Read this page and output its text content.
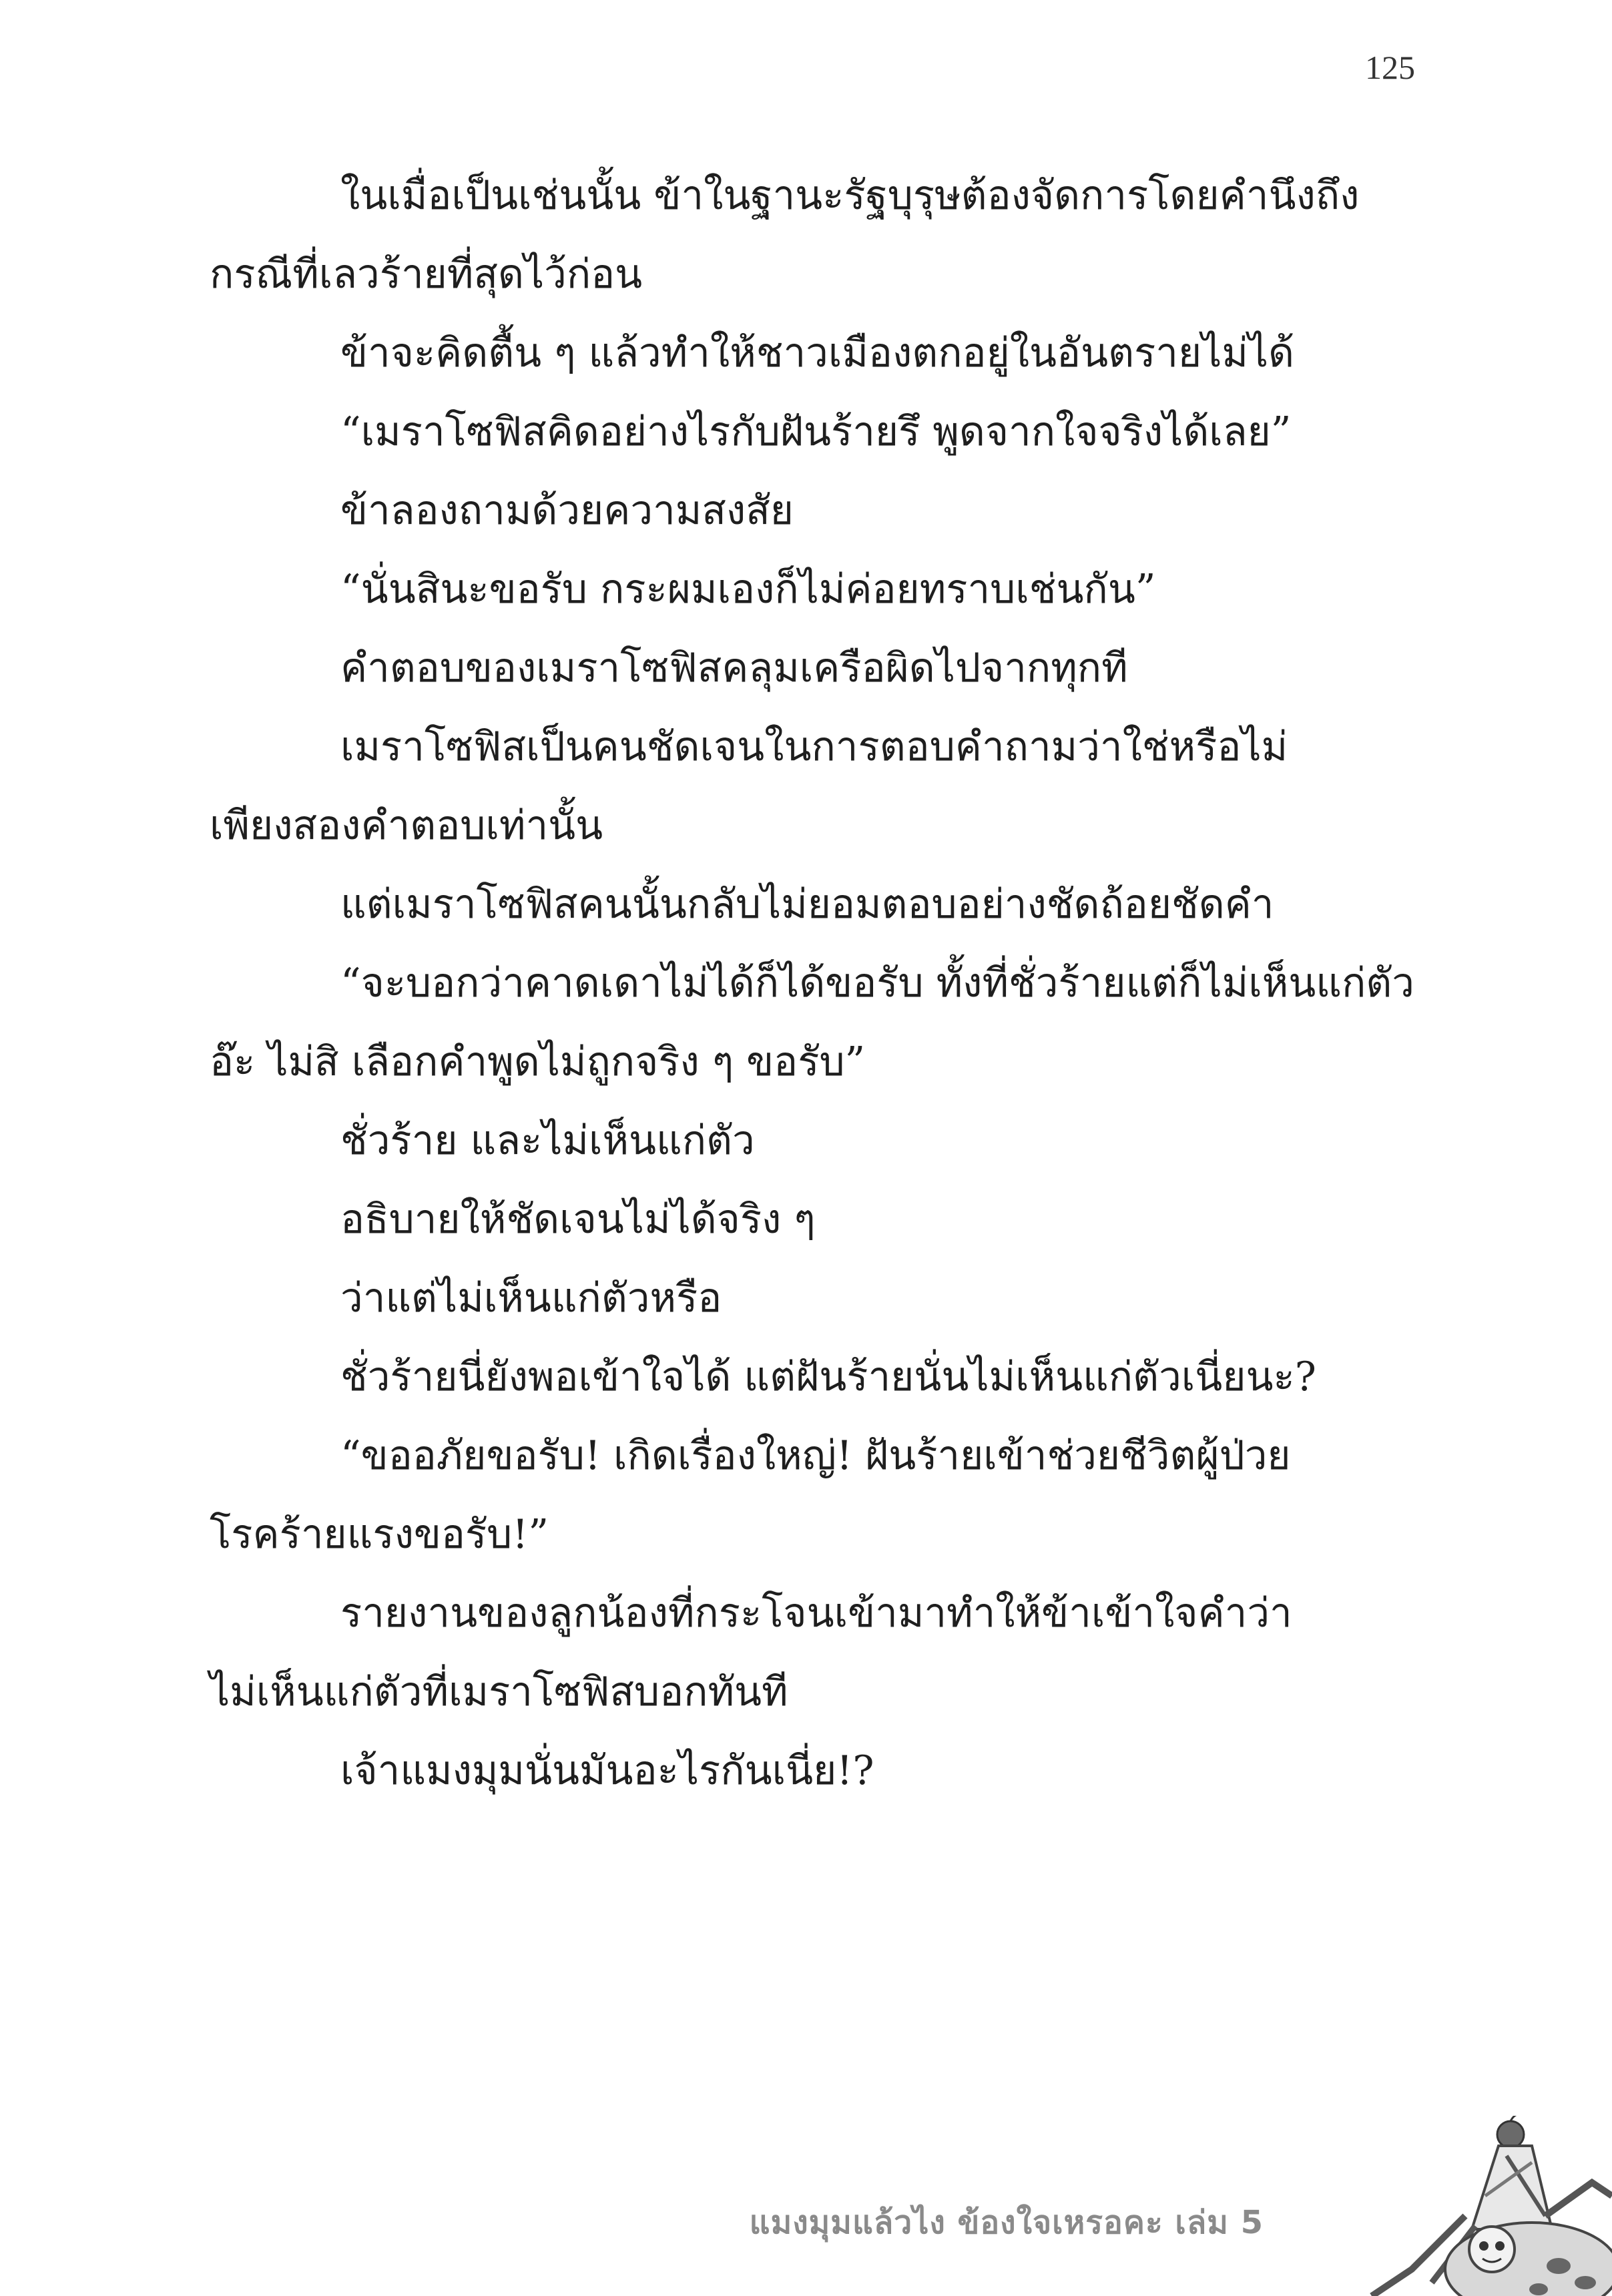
125
ในเมื่อเป็นเช่นนั้น ข้าในฐานะรัฐบุรุษต้องจัดการโดยคำนึงถึง
กรณีที่เลวร้ายที่สุดไว้ก่อน
ข้าจะคิดตื้น ๆ แล้วทำให้ชาวเมืองตกอยู่ในอันตรายไม่ได้
“เมราโซฟิสคิดอย่างไรกับฝันร้ายรึ พูดจากใจจริงได้เลย”
ข้าลองถามด้วยความสงสัย
“นั่นสินะขอรับ กระผมเองก็ไม่ค่อยทราบเช่นกัน”
คำตอบของเมราโซฟิสคลุมเครือผิดไปจากทุกที
เมราโซฟิสเป็นคนชัดเจนในการตอบคำถามว่าใช่หรือไม่
เพียงสองคำตอบเท่านั้น
แต่เมราโซฟิสคนนั้นกลับไม่ยอมตอบอย่างชัดถ้อยชัดคำ
“จะบอกว่าคาดเดาไม่ได้ก็ได้ขอรับ ทั้งที่ชั่วร้ายแต่ก็ไม่เห็นแก่ตัว
อ๊ะ ไม่สิ เลือกคำพูดไม่ถูกจริง ๆ ขอรับ”
ชั่วร้าย และไม่เห็นแก่ตัว
อธิบายให้ชัดเจนไม่ได้จริง ๆ
ว่าแต่ไม่เห็นแก่ตัวหรือ
ชั่วร้ายนี่ยังพอเข้าใจได้ แต่ฝันร้ายนั่นไม่เห็นแก่ตัวเนี่ยนะ?
“ขออภัยขอรับ! เกิดเรื่องใหญ่! ฝันร้ายเข้าช่วยชีวิตผู้ป่วย
โรคร้ายแรงขอรับ!”
รายงานของลูกน้องที่กระโจนเข้ามาทำให้ข้าเข้าใจคำว่า
ไม่เห็นแก่ตัวที่เมราโซฟิสบอกทันที
เจ้าแมงมุมนั่นมันอะไรกันเนี่ย!?
แมงมุมแล้วไง ข้องใจเหรอคะ เล่ม 5
